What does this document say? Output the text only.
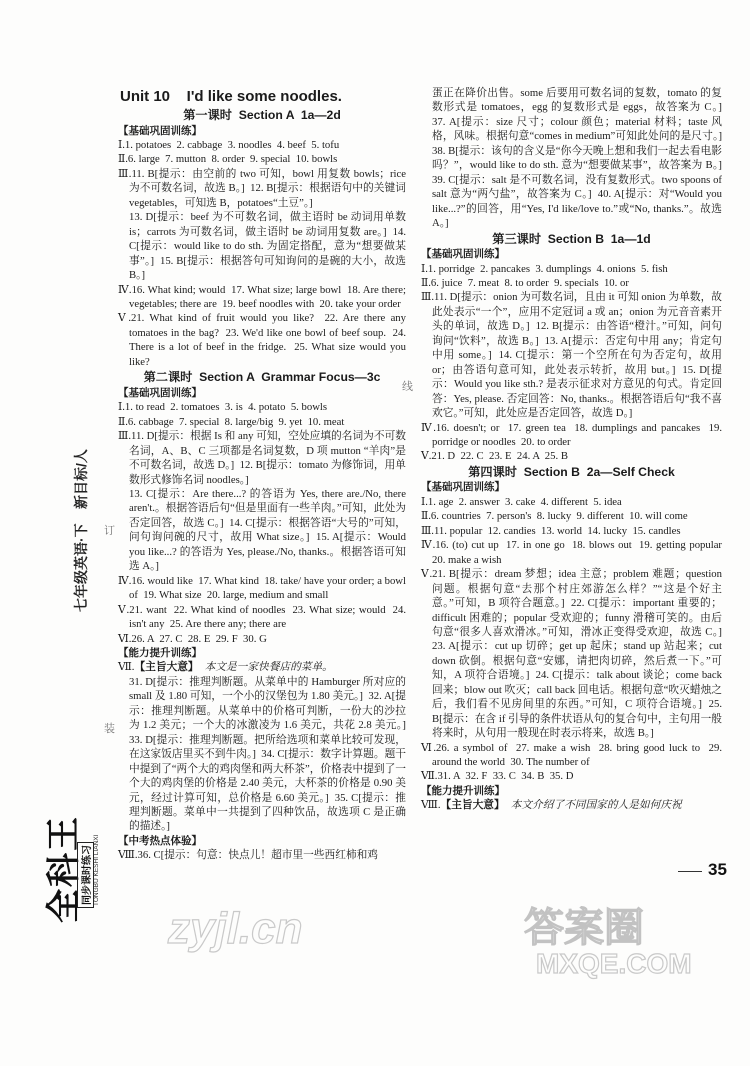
七年级英语·下新目标/人
线
订
装
Unit 10    I'd like some noodles.
第一课时  Section A  1a—2d
【基础巩固训练】
Ⅰ.1. potatoes  2. cabbage  3. noodles  4. beef  5. tofu
Ⅱ.6. large  7. mutton  8. order  9. special  10. bowls
Ⅲ.11. B[提示：由空前的 two 可知，bowl 用复数 bowls；rice 为不可数名词，故选 B。]  12. B[提示：根据语句中的关键词 vegetables，可知选 B，potatoes“土豆”。]
13. D[提示：beef 为不可数名词，做主语时 be 动词用单数 is；carrots 为可数名词，做主语时 be 动词用复数 are。]  14. C[提示：would like to do sth. 为固定搭配，意为“想要做某事”。]  15. B[提示：根据答句可知询问的是碗的大小，故选 B。]
Ⅳ.16. What kind; would  17. What size; large bowl  18. Are there; vegetables; there are  19. beef noodles with  20. take your order
Ⅴ.21. What kind of fruit would you like?  22. Are there any tomatoes in the bag?  23. We'd like one bowl of beef soup.  24. There is a lot of beef in the fridge.  25. What size would you like?
第二课时  Section A  Grammar Focus—3c
【基础巩固训练】
Ⅰ.1. to read  2. tomatoes  3. is  4. potato  5. bowls
Ⅱ.6. cabbage  7. special  8. large/big  9. yet  10. meat
Ⅲ.11. D[提示：根据 Is 和 any 可知，空处应填的名词为不可数名词，A、B、C 三项都是名词复数，D 项 mutton “羊肉”是不可数名词，故选 D。]  12. B[提示：tomato 为修饰词，用单数形式修饰名词 noodles。]
13. C[提示：Are there...? 的答语为 Yes, there are./No, there aren't.。根据答语后句“但是里面有一些羊肉。”可知，此处为否定回答，故选 C。]  14. C[提示：根据答语“大号的”可知，问句询问碗的尺寸，故用 What size。]  15. A[提示：Would you like...? 的答语为 Yes, please./No, thanks.。根据答语可知选 A。]
Ⅳ.16. would like  17. What kind  18. take/ have your order; a bowl of  19. What size  20. large, medium and small
Ⅴ.21. want  22. What kind of noodles  23. What size; would  24. isn't any  25. Are there any; there are
Ⅵ.26. A  27. C  28. E  29. F  30. G
【能力提升训练】
Ⅶ.【主旨大意】 本文是一家快餐店的菜单。
31. D[提示：推理判断题。从菜单中的 Hamburger 所对应的 small 及 1.80 可知，一个小的汉堡包为 1.80 美元。]  32. A[提示：推理判断题。从菜单中的价格可判断，一份大的沙拉为 1.2 美元；一个大的冰激凌为 1.6 美元，共花 2.8 美元。]  33. D[提示：推理判断题。把所给选项和菜单比较可发现，在这家饭店里买不到牛肉。]  34. C[提示：数字计算题。题干中提到了“两个大的鸡肉堡和两大杯茶”，价格表中提到了一个大的鸡肉堡的价格是 2.40 美元，大杯茶的价格是 0.90 美元，经过计算可知，总价格是 6.60 美元。]  35. C[提示：推理判断题。菜单中一共提到了四种饮品，故选项 C 是正确的描述。]
【中考热点体验】
Ⅷ.36. C[提示：句意：快点儿！超市里一些西红柿和鸡
蛋正在降价出售。some 后要用可数名词的复数，tomato 的复数形式是 tomatoes，egg 的复数形式是 eggs，故答案为 C。]  37. A[提示：size 尺寸；colour 颜色；material 材料；taste 风格，风味。根据句意“comes in medium”可知此处问的是尺寸。]  38. B[提示：该句的含义是“你今天晚上想和我们一起去看电影吗？”，would like to do sth. 意为“想要做某事”，故答案为 B。]  39. C[提示：salt 是不可数名词，没有复数形式。two spoons of salt 意为“两勺盐”，故答案为 C。]  40. A[提示：对“Would you like...?”的回答，用“Yes, I'd like/love to.”或“No, thanks.”。故选 A。]
第三课时  Section B  1a—1d
【基础巩固训练】
Ⅰ.1. porridge  2. pancakes  3. dumplings  4. onions  5. fish
Ⅱ.6. juice  7. meat  8. to order  9. specials  10. or
Ⅲ.11. D[提示：onion 为可数名词，且由 it 可知 onion 为单数，故此处表示“一个”，应用不定冠词 a 或 an；onion 为元音音素开头的单词，故选 D。]  12. B[提示：由答语“橙汁。”可知，问句询问“饮料”，故选 B。]  13. A[提示：否定句中用 any；肯定句中用 some。]  14. C[提示：第一个空所在句为否定句，故用 or；由答语句意可知，此处表示转折，故用 but。]  15. D[提示：Would you like sth.? 是表示征求对方意见的句式。肯定回答：Yes, please. 否定回答：No, thanks.。根据答语后句“我不喜欢它。”可知，此处应是否定回答，故选 D。]
Ⅳ.16. doesn't; or  17. green tea  18. dumplings and pancakes  19. porridge or noodles  20. to order
Ⅴ.21. D  22. C  23. E  24. A  25. B
第四课时  Section B  2a—Self Check
【基础巩固训练】
Ⅰ.1. age  2. answer  3. cake  4. different  5. idea
Ⅱ.6. countries  7. person's  8. lucky  9. different  10. will come
Ⅲ.11. popular  12. candies  13. world  14. lucky  15. candles
Ⅳ.16. (to) cut up  17. in one go  18. blows out  19. getting popular  20. make a wish
Ⅴ.21. B[提示：dream 梦想；idea 主意；problem 难题；question 问题。根据句意“去那个村庄郊游怎么样？”“这是个好主意。”可知，B 项符合题意。]  22. C[提示：important 重要的；difficult 困难的；popular 受欢迎的；funny 滑稽可笑的。由后句意“很多人喜欢滑冰。”可知，滑冰正变得受欢迎，故选 C。]  23. A[提示：cut up 切碎；get up 起床；stand up 站起来；cut down 砍倒。根据句意“安娜，请把肉切碎，然后煮一下。”可知，A 项符合语境。]  24. C[提示：talk about 谈论；come back 回来；blow out 吹灭；call back 回电话。根据句意“吹灭蜡烛之后，我们看不见房间里的东西。”可知，C 项符合语境。]  25. B[提示：在含 if 引导的条件状语从句的复合句中，主句用一般将来时，从句用一般现在时表示将来，故选 B。]
Ⅵ.26. a symbol of  27. make a wish  28. bring good luck to  29. around the world  30. The number of
Ⅶ.31. A  32. F  33. C  34. B  35. D
【能力提升训练】
Ⅷ.【主旨大意】 本文介绍了不同国家的人是如何庆祝
全科王 同步课时练习 TONGBU KESHI LIANXI
zyjl.cn	答案圈
MXQE.COM
35
